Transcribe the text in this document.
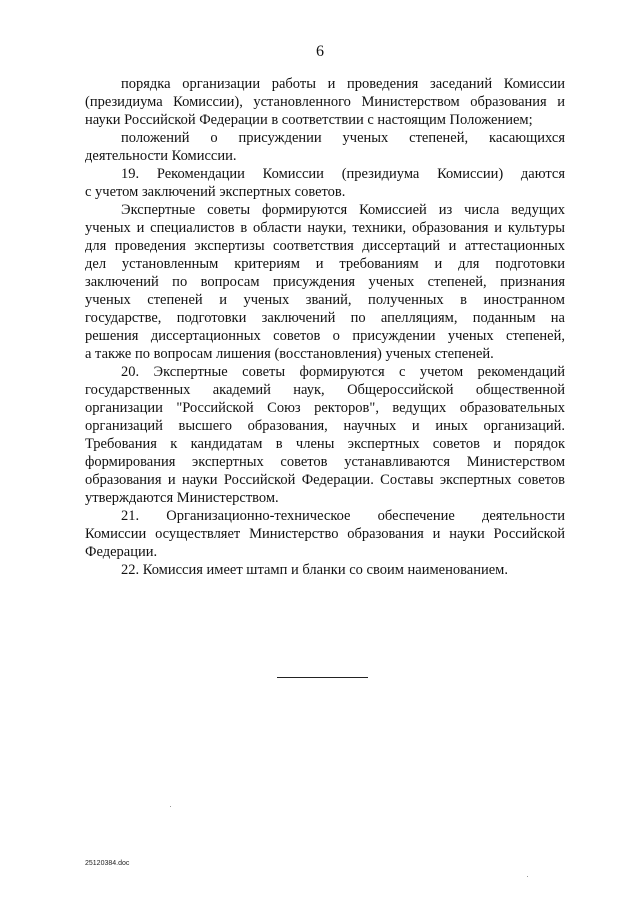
6
порядка организации работы и проведения заседаний Комиссии
(президиума Комиссии), установленного Министерством образования и
науки Российской Федерации в соответствии с настоящим Положением;
положений о присуждении ученых степеней, касающихся
деятельности Комиссии.
19. Рекомендации Комиссии (президиума Комиссии) даются
с учетом заключений экспертных советов.
Экспертные советы формируются Комиссией из числа ведущих
ученых и специалистов в области науки, техники, образования и культуры
для проведения экспертизы соответствия диссертаций и аттестационных
дел установленным критериям и требованиям и для подготовки
заключений по вопросам присуждения ученых степеней, признания
ученых степеней и ученых званий, полученных в иностранном
государстве, подготовки заключений по апелляциям, поданным на
решения диссертационных советов о присуждении ученых степеней,
а также по вопросам лишения (восстановления) ученых степеней.
20. Экспертные советы формируются с учетом рекомендаций
государственных академий наук, Общероссийской общественной
организации "Российской Союз ректоров", ведущих образовательных
организаций высшего образования, научных и иных организаций.
Требования к кандидатам в члены экспертных советов и порядок
формирования экспертных советов устанавливаются Министерством
образования и науки Российской Федерации. Составы экспертных советов
утверждаются Министерством.
21. Организационно-техническое обеспечение деятельности
Комиссии осуществляет Министерство образования и науки Российской
Федерации.
22. Комиссия имеет штамп и бланки со своим наименованием.
25120384.doc
